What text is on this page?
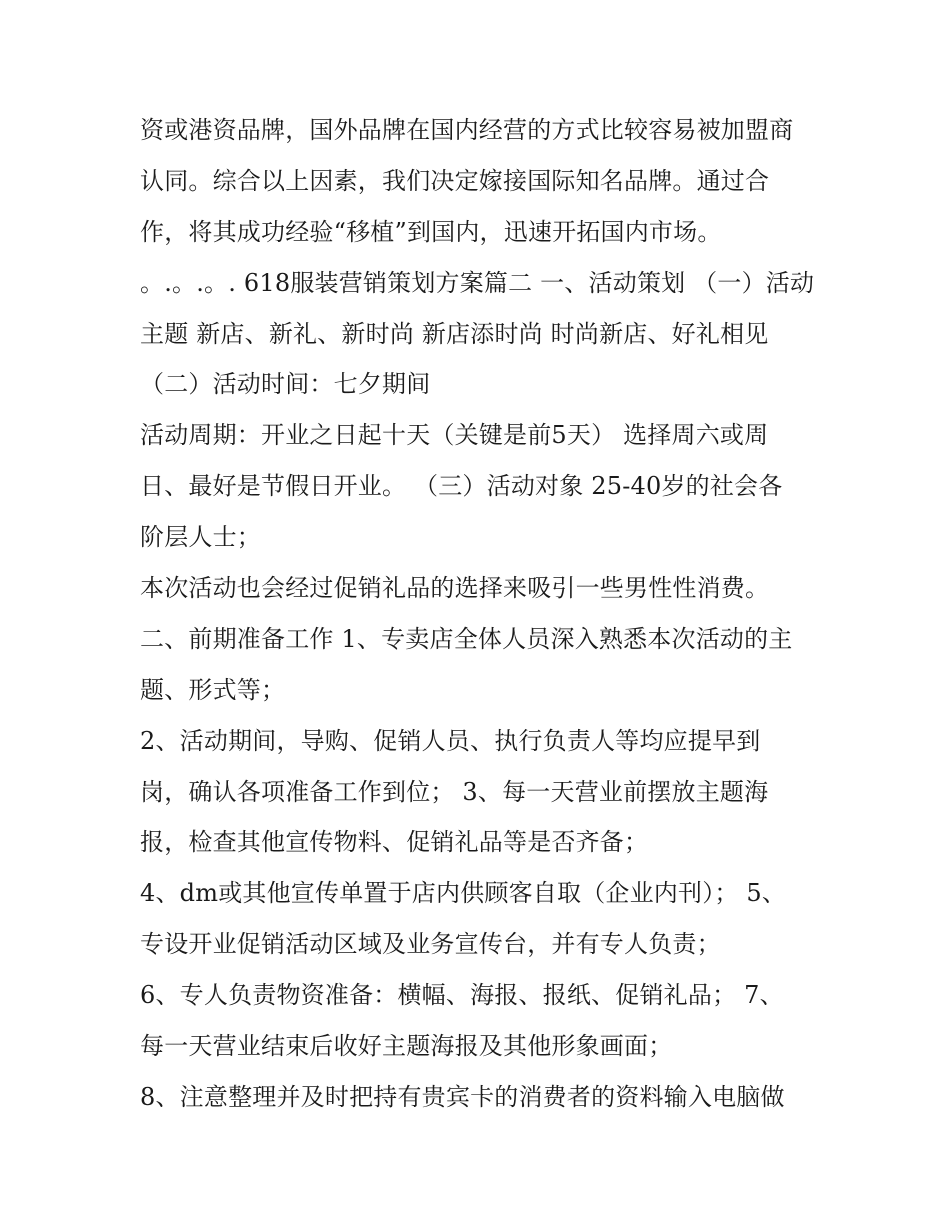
资或港资品牌，国外品牌在国内经营的方式比较容易被加盟商
认同。综合以上因素，我们决定嫁接国际知名品牌。通过合
作，将其成功经验“移植”到国内，迅速开拓国内市场。
。.。.。. 618服装营销策划方案篇二 一、活动策划 （一）活动
主题 新店、新礼、新时尚 新店添时尚 时尚新店、好礼相见
（二）活动时间：七夕期间
活动周期：开业之日起十天（关键是前5天） 选择周六或周
日、最好是节假日开业。 （三）活动对象 25-40岁的社会各
阶层人士；
本次活动也会经过促销礼品的选择来吸引一些男性性消费。
二、前期准备工作 1、专卖店全体人员深入熟悉本次活动的主
题、形式等；
2、活动期间，导购、促销人员、执行负责人等均应提早到
岗，确认各项准备工作到位； 3、每一天营业前摆放主题海
报，检查其他宣传物料、促销礼品等是否齐备；
4、dm或其他宣传单置于店内供顾客自取（企业内刊）； 5、
专设开业促销活动区域及业务宣传台，并有专人负责；
6、专人负责物资准备：横幅、海报、报纸、促销礼品； 7、
每一天营业结束后收好主题海报及其他形象画面；
8、注意整理并及时把持有贵宾卡的消费者的资料输入电脑做
